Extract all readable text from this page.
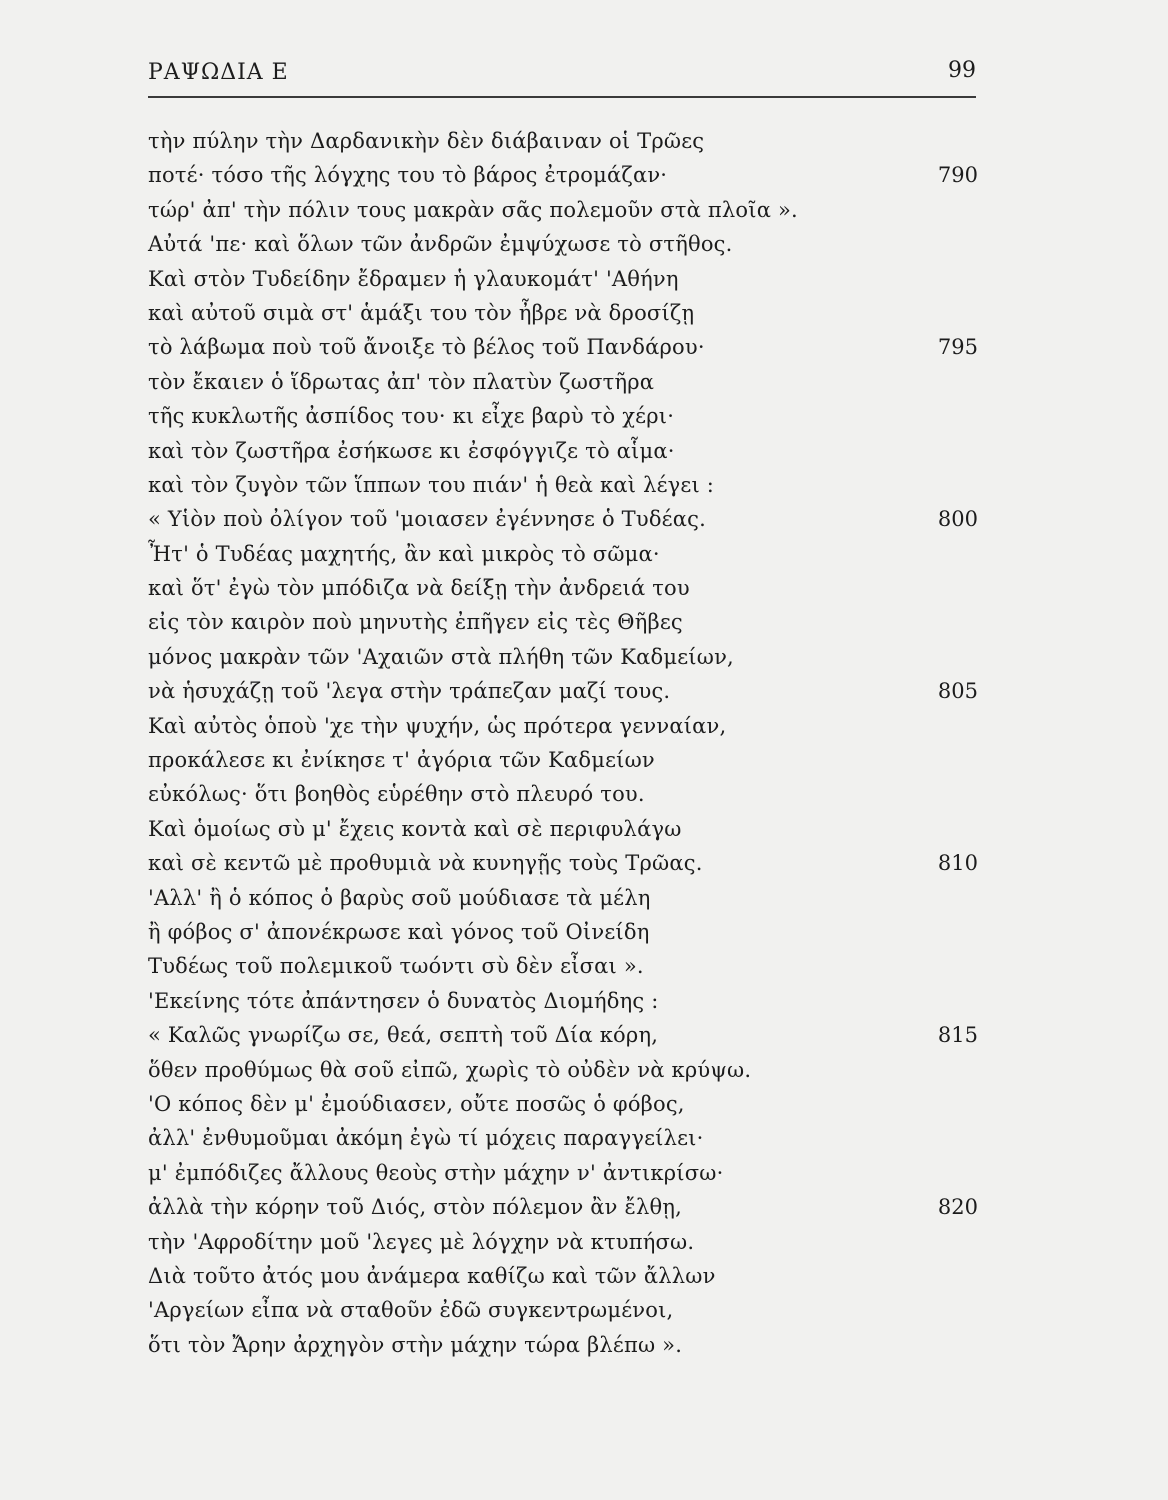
ΡΑΨΩΔΙΑ Ε	99
τὴν πύλην τὴν Δαρδανικὴν δὲν διάβαιναν οἱ Τρῶες
ποτέ· τόσο τῆς λόγχης του τὸ βάρος ἐτρομάζαν·	790
τώρ' ἀπ' τὴν πόλιν τους μακρὰν σᾶς πολεμοῦν στὰ πλοῖα ».
Αὐτά 'πε· καὶ ὅλων τῶν ἀνδρῶν ἐμψύχωσε τὸ στῆθος.
Καὶ στὸν Τυδείδην ἔδραμεν ἡ γλαυκομάτ' 'Αθήνη
καὶ αὐτοῦ σιμὰ στ' ἁμάξι του τὸν ἦβρε νὰ δροσίζῃ
τὸ λάβωμα ποὺ τοῦ ἄνοιξε τὸ βέλος τοῦ Πανδάρου·	795
τὸν ἔκαιεν ὁ ἵδρωτας ἀπ' τὸν πλατὺν ζωστῆρα
τῆς κυκλωτῆς ἀσπίδος του· κι εἶχε βαρὺ τὸ χέρι·
καὶ τὸν ζωστῆρα ἐσήκωσε κι ἐσφόγγιζε τὸ αἷμα·
καὶ τὸν ζυγὸν τῶν ἵππων του πιάν' ἡ θεὰ καὶ λέγει :
« Υἱὸν ποὺ ὀλίγον τοῦ 'μοιασεν ἐγέννησε ὁ Τυδέας.	800
Ἦτ' ὁ Τυδέας μαχητής, ἂν καὶ μικρὸς τὸ σῶμα·
καὶ ὅτ' ἐγὼ τὸν μπόδιζα νὰ δείξῃ τὴν ἀνδρειά του
εἰς τὸν καιρὸν ποὺ μηνυτὴς ἐπῆγεν εἰς τὲς Θῆβες
μόνος μακρὰν τῶν 'Αχαιῶν στὰ πλήθη τῶν Καδμείων,
νὰ ἡσυχάζῃ τοῦ 'λεγα στὴν τράπεζαν μαζί τους.	805
Καὶ αὐτὸς ὁποὺ 'χε τὴν ψυχήν, ὡς πρότερα γενναίαν,
προκάλεσε κι ἐνίκησε τ' ἀγόρια τῶν Καδμείων
εὐκόλως· ὅτι βοηθὸς εὑρέθην στὸ πλευρό του.
Καὶ ὁμοίως σὺ μ' ἔχεις κοντὰ καὶ σὲ περιφυλάγω
καὶ σὲ κεντῶ μὲ προθυμιὰ νὰ κυνηγῇς τοὺς Τρῶας.	810
'Αλλ' ἢ ὁ κόπος ὁ βαρὺς σοῦ μούδιασε τὰ μέλη
ἢ φόβος σ' ἀπονέκρωσε καὶ γόνος τοῦ Οἰνείδη
Τυδέως τοῦ πολεμικοῦ τωόντι σὺ δὲν εἶσαι ».
'Εκείνης τότε ἀπάντησεν ὁ δυνατὸς Διομήδης :
« Καλῶς γνωρίζω σε, θεά, σεπτὴ τοῦ Δία κόρη,	815
ὅθεν προθύμως θὰ σοῦ εἰπῶ, χωρὶς τὸ οὐδὲν νὰ κρύψω.
'Ο κόπος δὲν μ' ἐμούδιασεν, οὔτε ποσῶς ὁ φόβος,
ἀλλ' ἐνθυμοῦμαι ἀκόμη ἐγὼ τί μόχεις παραγγείλει·
μ' ἐμπόδιζες ἄλλους θεοὺς στὴν μάχην ν' ἀντικρίσω·
ἀλλὰ τὴν κόρην τοῦ Διός, στὸν πόλεμον ἂν ἔλθῃ,	820
τὴν 'Αφροδίτην μοῦ 'λεγες μὲ λόγχην νὰ κτυπήσω.
Διὰ τοῦτο ἀτός μου ἀνάμερα καθίζω καὶ τῶν ἄλλων
'Αργείων εἶπα νὰ σταθοῦν ἐδῶ συγκεντρωμένοι,
ὅτι τὸν Ἄρην ἀρχηγὸν στὴν μάχην τώρα βλέπω ».
